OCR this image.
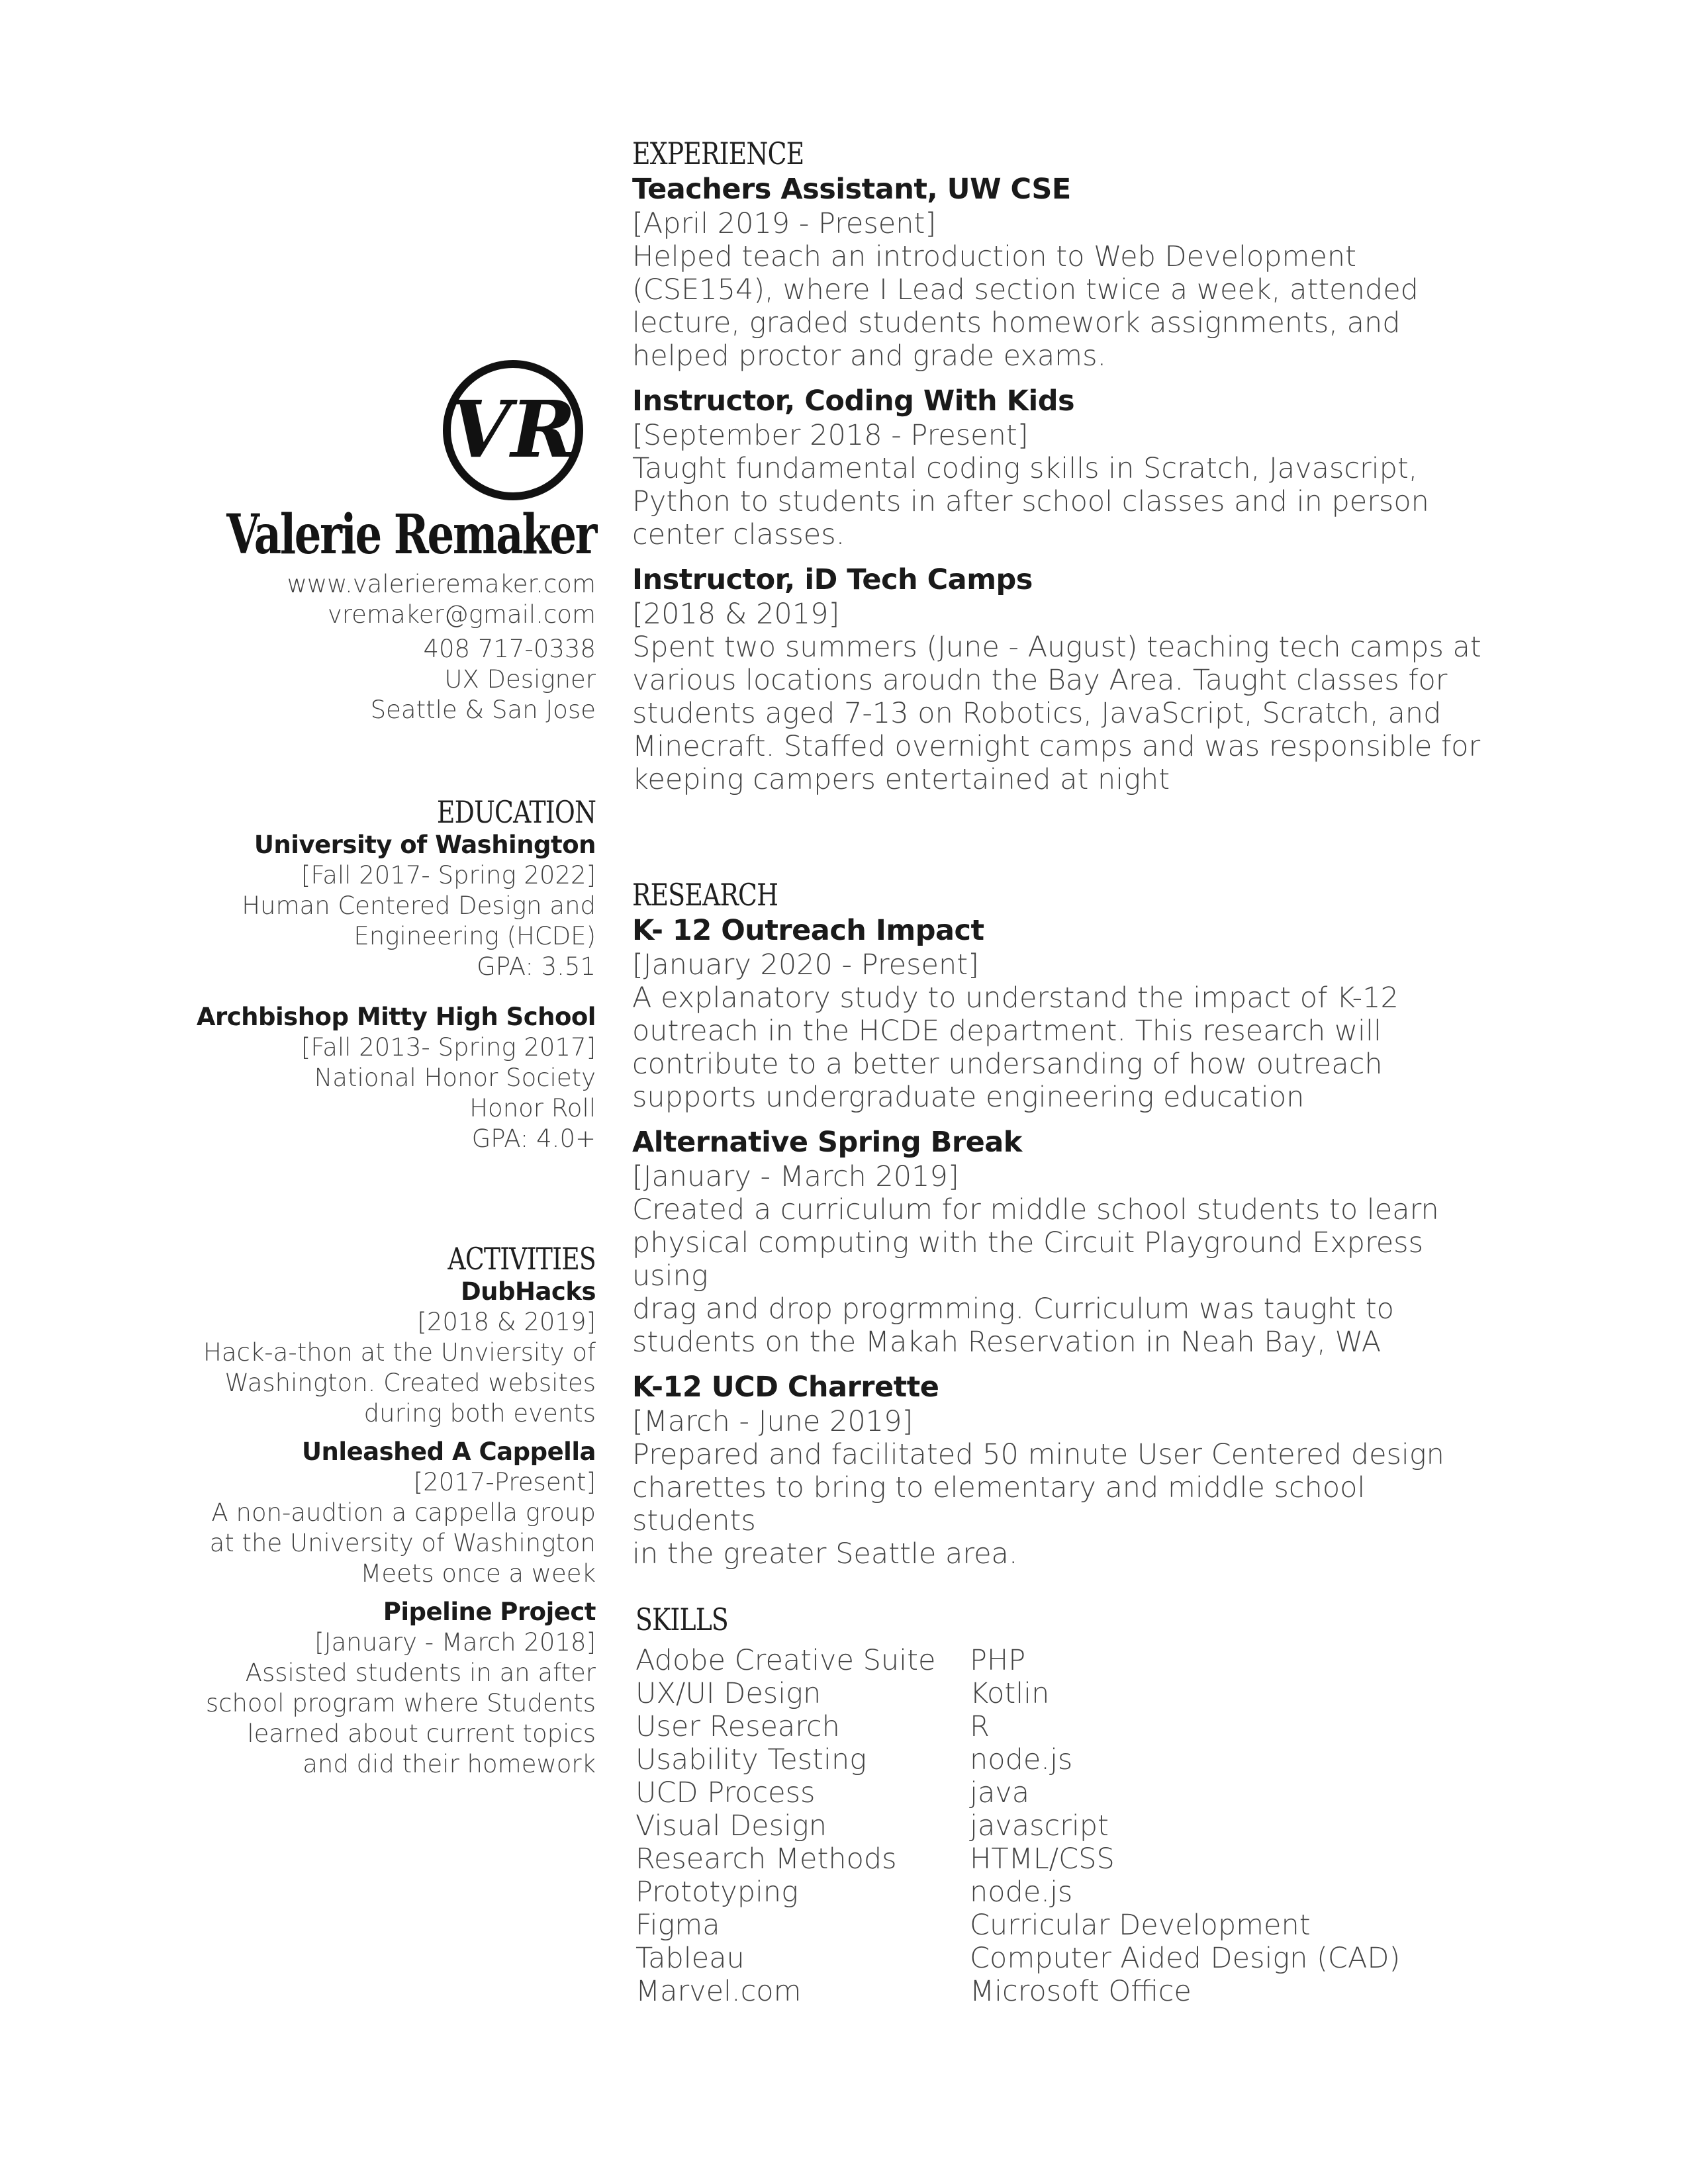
VR
Valerie Remaker
www.valerieremaker.com
vremaker@gmail.com
408 717-0338
UX Designer
Seattle & San Jose
EDUCATION
University of Washington
[Fall 2017- Spring 2022]
Human Centered Design and
Engineering (HCDE)
GPA: 3.51
Archbishop Mitty High School
[Fall 2013- Spring 2017]
National Honor Society
Honor Roll
GPA: 4.0+
ACTIVITIES
DubHacks
[2018 & 2019]
Hack-a-thon at the Unviersity of
Washington. Created websites
during both events
Unleashed A Cappella
[2017-Present]
A non-audtion a cappella group
at the University of Washington
Meets once a week
Pipeline Project
[January - March 2018]
Assisted students in an after
school program where Students
learned about current topics
and did their homework
EXPERIENCE
Teachers Assistant, UW CSE
[April 2019 - Present]
Helped teach an introduction to Web Development
(CSE154), where I Lead section twice a week, attended
lecture, graded students homework assignments, and
helped proctor and grade exams.
Instructor, Coding With Kids
[September 2018 - Present]
Taught fundamental coding skills in Scratch, Javascript,
Python to students in after school classes and in person
center classes.
Instructor, iD Tech Camps
[2018 & 2019]
Spent two summers (June - August) teaching tech camps at
various locations aroudn the Bay Area. Taught classes for
students aged 7-13 on Robotics, JavaScript, Scratch, and
Minecraft. Staffed overnight camps and was responsible for
keeping campers entertained at night
RESEARCH
K- 12 Outreach Impact
[January 2020 - Present]
A explanatory study to understand the impact of K-12
outreach in the HCDE department. This research will
contribute to a better undersanding of how outreach
supports undergraduate engineering education
Alternative Spring Break
[January - March 2019]
Created a curriculum for middle school students to learn
physical computing with the Circuit Playground Express using
drag and drop progrmming. Curriculum was taught to
students on the Makah Reservation in Neah Bay, WA
K-12 UCD Charrette
[March - June 2019]
Prepared and facilitated 50 minute User Centered design
charettes to bring to elementary and middle school students
in the greater Seattle area.
SKILLS
Adobe Creative Suite
UX/UI Design
User Research
Usability Testing
UCD Process
Visual Design
Research Methods
Prototyping
Figma
Tableau
Marvel.com
PHP
Kotlin
R
node.js
java
javascript
HTML/CSS
node.js
Curricular Development
Computer Aided Design (CAD)
Microsoft Office
